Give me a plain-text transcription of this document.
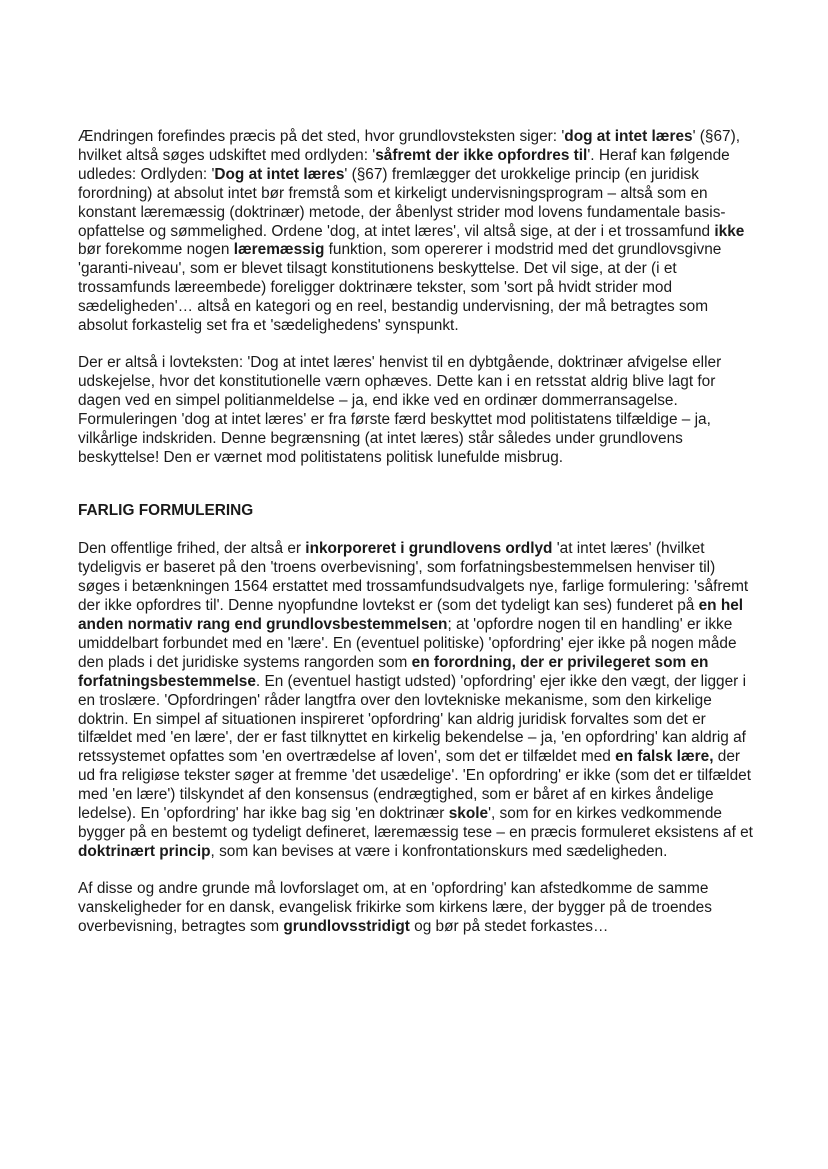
Ændringen forefindes præcis på det sted, hvor grundlovsteksten siger: 'dog at intet læres' (§67), hvilket altså søges udskiftet med ordlyden: 'såfremt der ikke opfordres til'. Heraf kan følgende udledes: Ordlyden: 'Dog at intet læres' (§67) fremlægger det urokkelige princip (en juridisk forordning) at absolut intet bør fremstå som et kirkeligt undervisningsprogram – altså som en konstant læremæssig (doktrinær) metode, der åbenlyst strider mod lovens fundamentale basis-opfattelse og sømmelighed. Ordene 'dog, at intet læres', vil altså sige, at der i et trossamfund ikke bør forekomme nogen læremæssig funktion, som opererer i modstrid med det grundlovsgivne 'garanti-niveau', som er blevet tilsagt konstitutionens beskyttelse. Det vil sige, at der (i et trossamfunds læreembede) foreligger doktrinære tekster, som 'sort på hvidt strider mod sædeligheden'… altså en kategori og en reel, bestandig undervisning, der må betragtes som absolut forkastelig set fra et 'sædelighedens' synspunkt.

Der er altså i lovteksten: 'Dog at intet læres' henvist til en dybtgående, doktrinær afvigelse eller udskejelse, hvor det konstitutionelle værn ophæves. Dette kan i en retsstat aldrig blive lagt for dagen ved en simpel politianmeldelse – ja, end ikke ved en ordinær dommerransagelse. Formuleringen 'dog at intet læres' er fra første færd beskyttet mod politistatens tilfældige – ja, vilkårlige indskriden. Denne begrænsning (at intet læres) står således under grundlovens beskyttelse! Den er værnet mod politistatens politisk lunefulde misbrug.

FARLIG FORMULERING

Den offentlige frihed, der altså er inkorporeret i grundlovens ordlyd 'at intet læres' (hvilket tydeligvis er baseret på den 'troens overbevisning', som forfatningsbestemmelsen henviser til) søges i betænkningen 1564 erstattet med trossamfundsudvalgets nye, farlige formulering: 'såfremt der ikke opfordres til'. Denne nyopfundne lovtekst er (som det tydeligt kan ses) funderet på en hel anden normativ rang end grundlovsbestemmelsen; at 'opfordre nogen til en handling' er ikke umiddelbart forbundet med en 'lære'. En (eventuel politiske) 'opfordring' ejer ikke på nogen måde den plads i det juridiske systems rangorden som en forordning, der er privilegeret som en forfatningsbestemmelse. En (eventuel hastigt udsted) 'opfordring' ejer ikke den vægt, der ligger i en troslære. 'Opfordringen' råder langtfra over den lovtekniske mekanisme, som den kirkelige doktrin. En simpel af situationen inspireret 'opfordring' kan aldrig juridisk forvaltes som det er tilfældet med 'en lære', der er fast tilknyttet en kirkelig bekendelse – ja, 'en opfordring' kan aldrig af retssystemet opfattes som 'en overtrædelse af loven', som det er tilfældet med en falsk lære, der ud fra religiøse tekster søger at fremme 'det usædelige'. 'En opfordring' er ikke (som det er tilfældet med 'en lære') tilskyndet af den konsensus (endrægtighed, som er båret af en kirkes åndelige ledelse). En 'opfordring' har ikke bag sig 'en doktrinær skole', som for en kirkes vedkommende bygger på en bestemt og tydeligt defineret, læremæssig tese – en præcis formuleret eksistens af et doktrinært princip, som kan bevises at være i konfrontationskurs med sædeligheden.

Af disse og andre grunde må lovforslaget om, at en 'opfordring' kan afstedkomme de samme vanskeligheder for en dansk, evangelisk frikirke som kirkens lære, der bygger på de troendes overbevisning, betragtes som grundlovsstridigt og bør på stedet forkastes…
